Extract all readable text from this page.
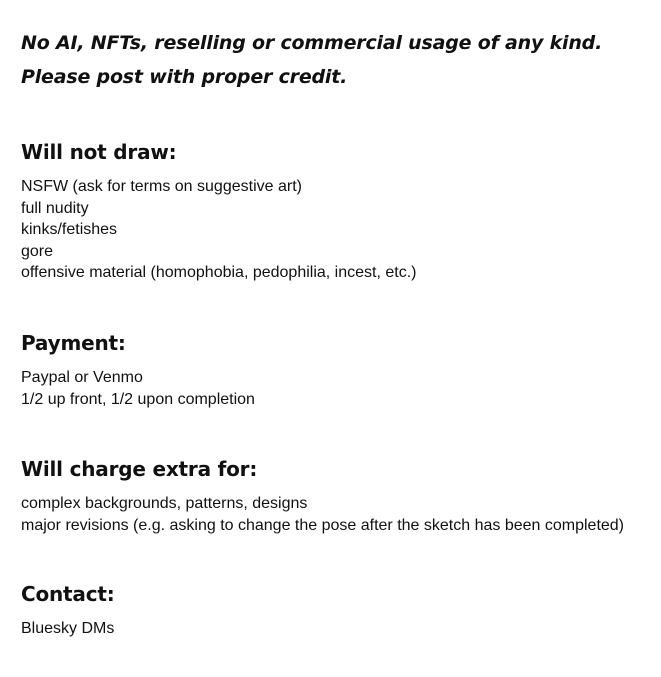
No AI, NFTs, reselling or commercial usage of any kind.
Please post with proper credit.

Will not draw:
NSFW (ask for terms on suggestive art)
full nudity
kinks/fetishes
gore
offensive material (homophobia, pedophilia, incest, etc.)
Payment:
Paypal or Venmo
1/2 up front, 1/2 upon completion
Will charge extra for:
complex backgrounds, patterns, designs
major revisions (e.g. asking to change the pose after the sketch has been completed)
Contact:
Bluesky DMs
